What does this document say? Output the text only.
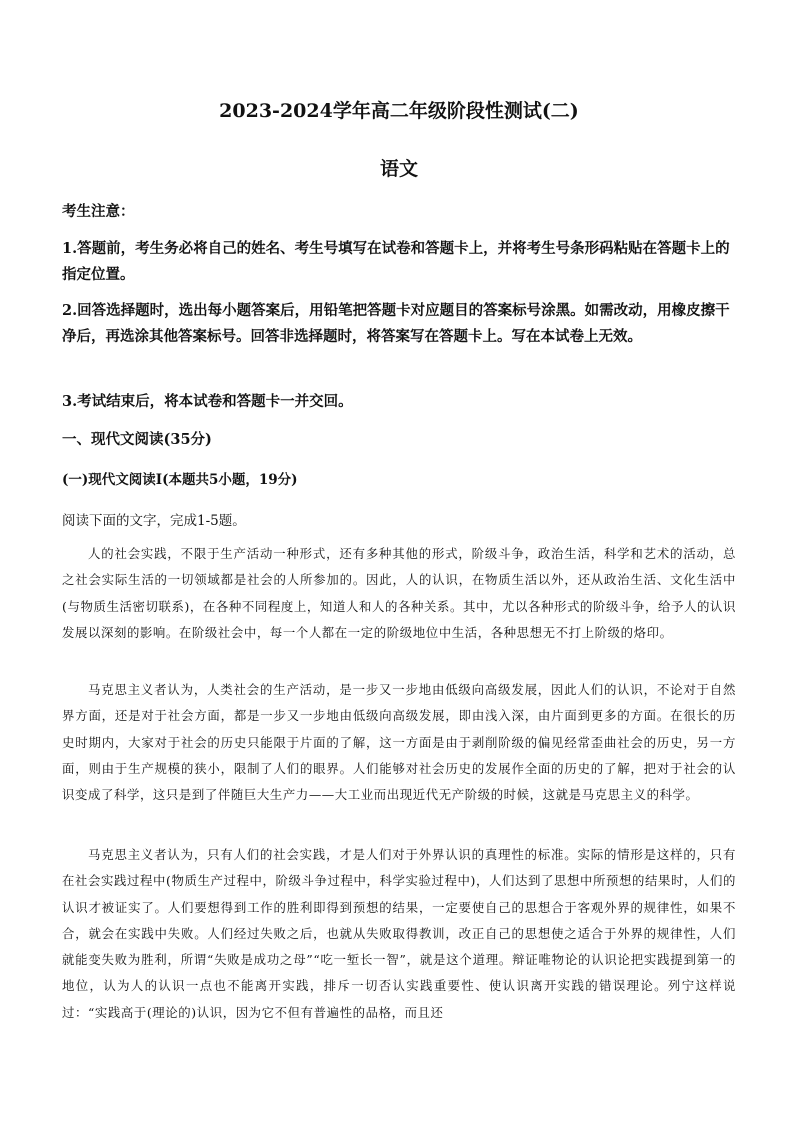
2023-2024学年高二年级阶段性测试(二)
语文
考生注意：
1.答题前，考生务必将自己的姓名、考生号填写在试卷和答题卡上，并将考生号条形码粘贴在答题卡上的指定位置。
2.回答选择题时，选出每小题答案后，用铅笔把答题卡对应题目的答案标号涂黑。如需改动，用橡皮擦干净后，再选涂其他答案标号。回答非选择题时，将答案写在答题卡上。写在本试卷上无效。
3.考试结束后，将本试卷和答题卡一并交回。
一、现代文阅读(35分)
(一)现代文阅读Ⅰ(本题共5小题，19分)
阅读下面的文字，完成1-5题。
人的社会实践，不限于生产活动一种形式，还有多种其他的形式，阶级斗争，政治生活，科学和艺术的活动，总之社会实际生活的一切领域都是社会的人所参加的。因此，人的认识，在物质生活以外，还从政治生活、文化生活中(与物质生活密切联系)，在各种不同程度上，知道人和人的各种关系。其中，尤以各种形式的阶级斗争，给予人的认识发展以深刻的影响。在阶级社会中，每一个人都在一定的阶级地位中生活，各种思想无不打上阶级的烙印。
马克思主义者认为，人类社会的生产活动，是一步又一步地由低级向高级发展，因此人们的认识，不论对于自然界方面，还是对于社会方面，都是一步又一步地由低级向高级发展，即由浅入深，由片面到更多的方面。在很长的历史时期内，大家对于社会的历史只能限于片面的了解，这一方面是由于剥削阶级的偏见经常歪曲社会的历史，另一方面，则由于生产规模的狭小，限制了人们的眼界。人们能够对社会历史的发展作全面的历史的了解，把对于社会的认识变成了科学，这只是到了伴随巨大生产力——大工业而出现近代无产阶级的时候，这就是马克思主义的科学。
马克思主义者认为，只有人们的社会实践，才是人们对于外界认识的真理性的标准。实际的情形是这样的，只有在社会实践过程中(物质生产过程中，阶级斗争过程中，科学实验过程中)，人们达到了思想中所预想的结果时，人们的认识才被证实了。人们要想得到工作的胜利即得到预想的结果，一定要使自己的思想合于客观外界的规律性，如果不合，就会在实践中失败。人们经过失败之后，也就从失败取得教训，改正自己的思想使之适合于外界的规律性，人们就能变失败为胜利，所谓“失败是成功之母”“吃一堑长一智”，就是这个道理。辩证唯物论的认识论把实践提到第一的地位，认为人的认识一点也不能离开实践，排斥一切否认实践重要性、使认识离开实践的错误理论。列宁这样说过：“实践高于(理论的)认识，因为它不但有普遍性的品格，而且还
